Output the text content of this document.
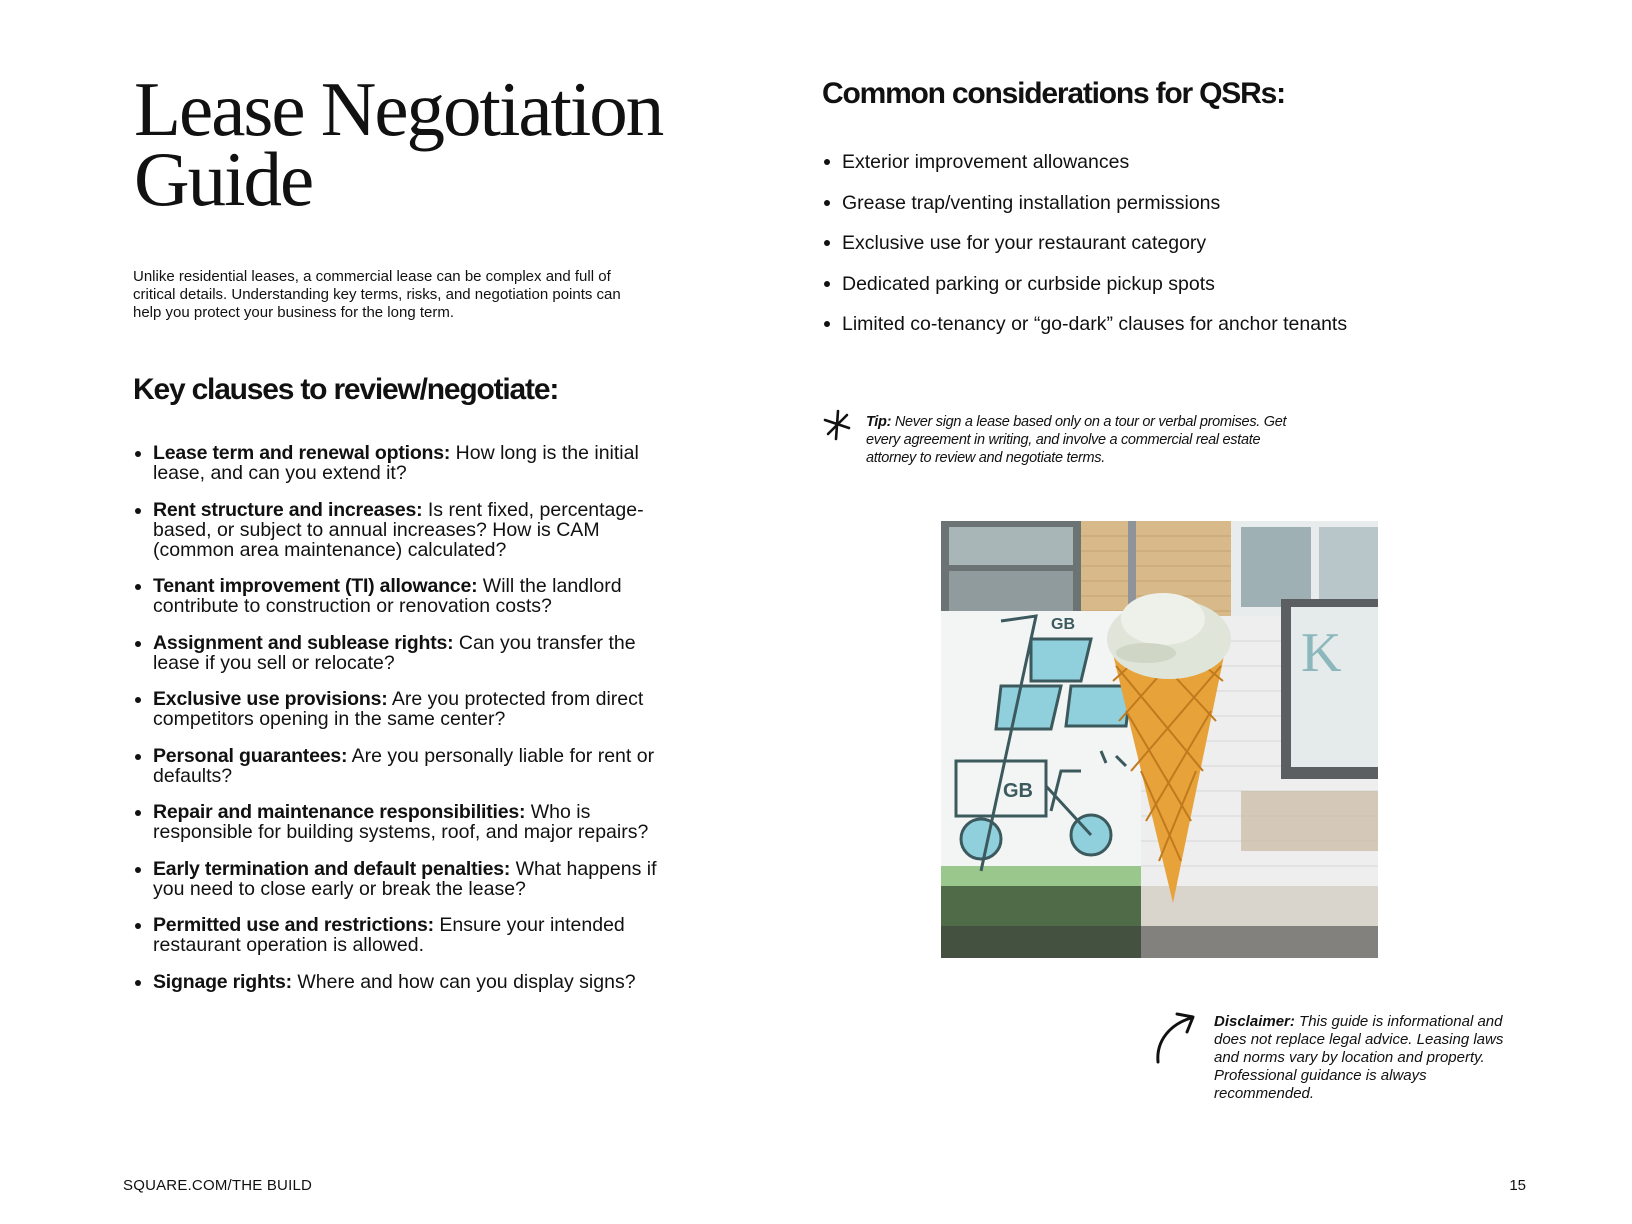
Lease Negotiation
Guide

Unlike residential leases, a commercial lease can be complex and full of critical details. Understanding key terms, risks, and negotiation points can help you protect your business for the long term.

Key clauses to review/negotiate:
Lease term and renewal options: How long is the initial lease, and can you extend it?
Rent structure and increases: Is rent fixed, percentage-based, or subject to annual increases? How is CAM (common area maintenance) calculated?
Tenant improvement (TI) allowance: Will the landlord contribute to construction or renovation costs?
Assignment and sublease rights: Can you transfer the lease if you sell or relocate?
Exclusive use provisions: Are you protected from direct competitors opening in the same center?
Personal guarantees: Are you personally liable for rent or defaults?
Repair and maintenance responsibilities: Who is responsible for building systems, roof, and major repairs?
Early termination and default penalties: What happens if you need to close early or break the lease?
Permitted use and restrictions: Ensure your intended restaurant operation is allowed.
Signage rights: Where and how can you display signs?
Common considerations for QSRs:
Exterior improvement allowances
Grease trap/venting installation permissions
Exclusive use for your restaurant category
Dedicated parking or curbside pickup spots
Limited co-tenancy or “go-dark” clauses for anchor tenants

Tip: Never sign a lease based only on a tour or verbal promises. Get every agreement in writing, and involve a commercial real estate attorney to review and negotiate terms.

K
GB
GB

Disclaimer: This guide is informational and does not replace legal advice. Leasing laws and norms vary by location and property. Professional guidance is always recommended.

SQUARE.COM/THE BUILD	15
